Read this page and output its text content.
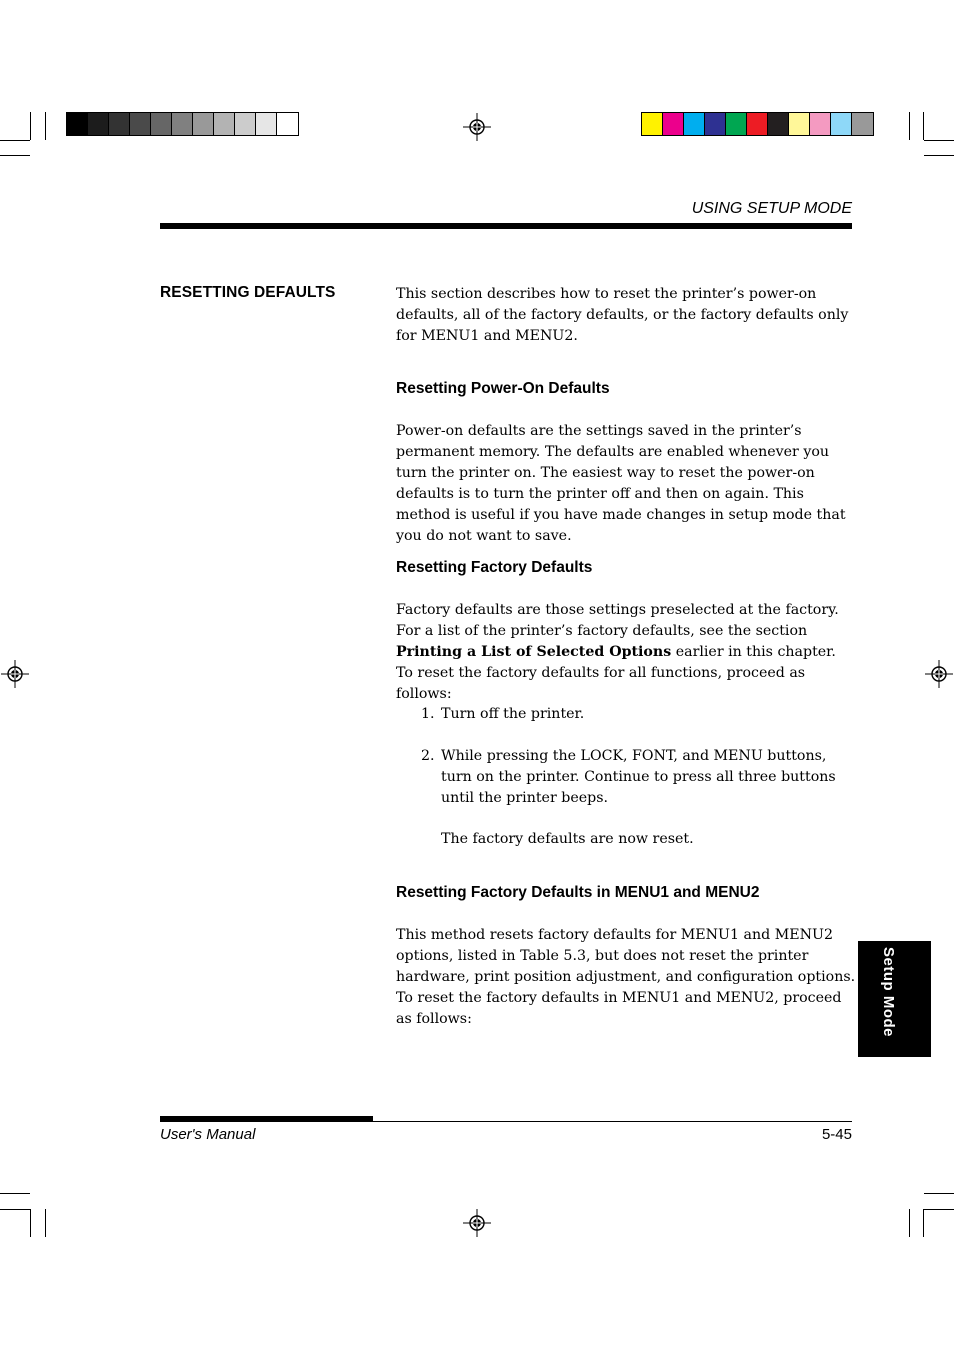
USING SETUP MODE
RESETTING DEFAULTS	This section describes how to reset the printer’s power-on defaults, all of the factory defaults, or the factory defaults only for MENU1 and MENU2.
Resetting Power-On Defaults
Power-on defaults are the settings saved in the printer’s permanent memory. The defaults are enabled whenever you turn the printer on. The easiest way to reset the power-on defaults is to turn the printer off and then on again. This method is useful if you have made changes in setup mode that you do not want to save.
Resetting Factory Defaults
Factory defaults are those settings preselected at the factory. For a list of the printer’s factory defaults, see the section Printing a List of Selected Options earlier in this chapter. To reset the factory defaults for all functions, proceed as follows:
1. Turn off the printer.
2. While pressing the LOCK, FONT, and MENU buttons, turn on the printer. Continue to press all three buttons until the printer beeps.
The factory defaults are now reset.
Resetting Factory Defaults in MENU1 and MENU2
This method resets factory defaults for MENU1 and MENU2 options, listed in Table 5.3, but does not reset the printer hardware, print position adjustment, and configuration options. To reset the factory defaults in MENU1 and MENU2, proceed as follows:	Setup Mode
User's Manual	5-45
